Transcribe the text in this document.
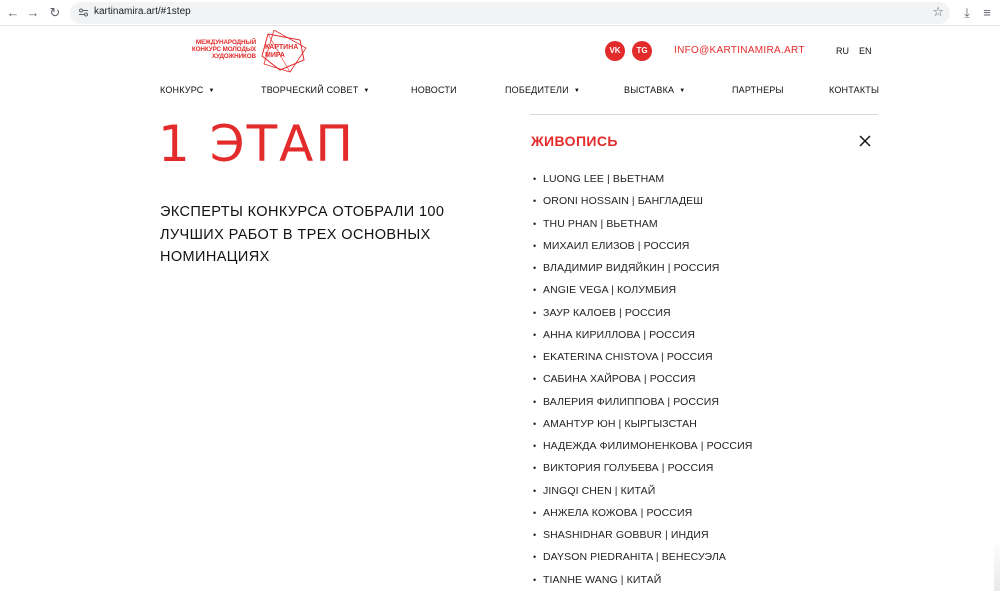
← → ↻	kartinamira.art/#1step	☆	⤓	≡
МЕЖДУНАРОДНЫЙ КОНКУРС МОЛОДЫХ ХУДОЖНИКОВ
КАРТИНА МИРА	VK	TG	INFO@KARTINAMIRA.ART	RU EN
КОНКУРС ▼	ТВОРЧЕСКИЙ СОВЕТ ▼	НОВОСТИ	ПОБЕДИТЕЛИ ▼	ВЫСТАВКА ▼	ПАРТНЕРЫ	КОНТАКТЫ
1 ЭТАП

ЭКСПЕРТЫ КОНКУРСА ОТОБРАЛИ 100 ЛУЧШИХ РАБОТ В ТРЕХ ОСНОВНЫХ НОМИНАЦИЯХ

ЖИВОПИСЬ
• LUONG LEE | ВЬЕТНАМ
• ORONI HOSSAIN | БАНГЛАДЕШ
• THU PHAN | ВЬЕТНАМ
• МИХАИЛ ЕЛИЗОВ | РОССИЯ
• ВЛАДИМИР ВИДЯЙКИН | РОССИЯ
• ANGIE VEGA | КОЛУМБИЯ
• ЗАУР КАЛОЕВ | РОССИЯ
• АННА КИРИЛЛОВА | РОССИЯ
• EKATERINA CHISTOVA | РОССИЯ
• САБИНА ХАЙРОВА | РОССИЯ
• ВАЛЕРИЯ ФИЛИППОВА | РОССИЯ
• АМАНТУР ЮН | КЫРГЫЗСТАН
• НАДЕЖДА ФИЛИМОНЕНКОВА | РОССИЯ
• ВИКТОРИЯ ГОЛУБЕВА | РОССИЯ
• JINGQI CHEN | КИТАЙ
• АНЖЕЛА КОЖОВА | РОССИЯ
• SHASHIDHAR GOBBUR | ИНДИЯ
• DAYSON PIEDRAHITA | ВЕНЕСУЭЛА
• TIANHE WANG | КИТАЙ
